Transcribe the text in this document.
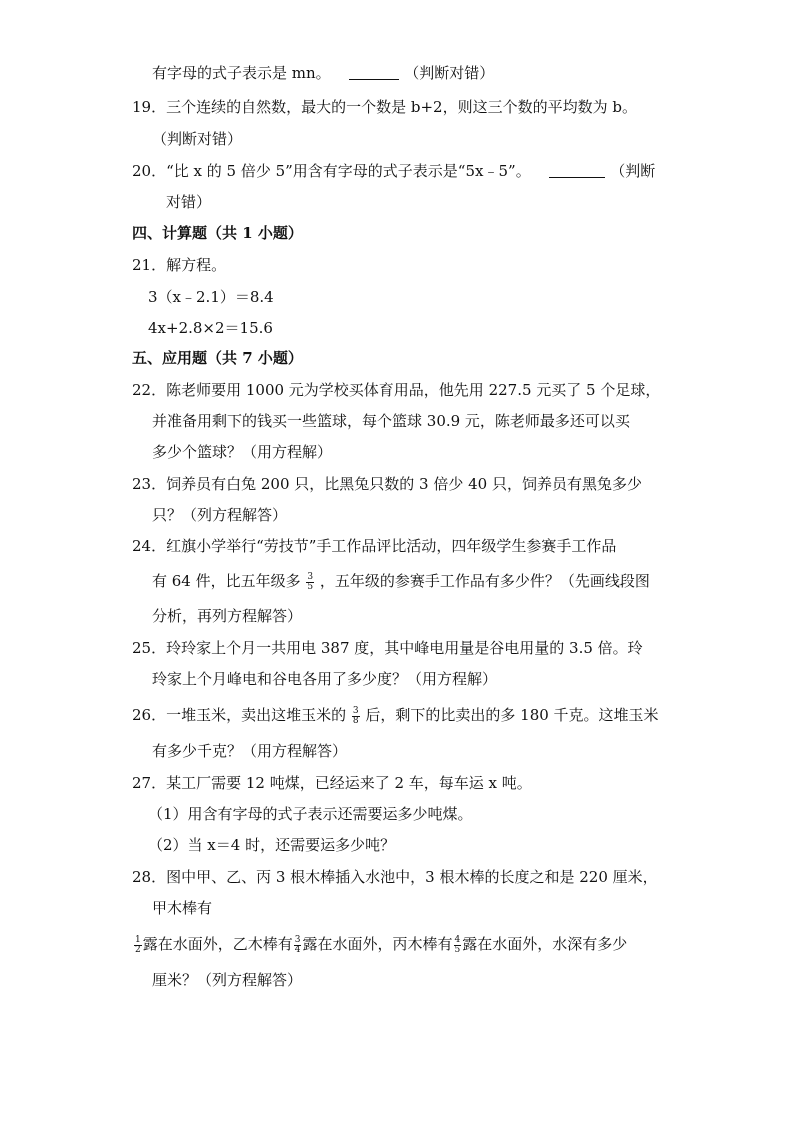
有字母的式子表示是 mn。	（判断对错）
19．三个连续的自然数，最大的一个数是 b+2，则这三个数的平均数为 b。
（判断对错）
20．“比 x 的 5 倍少 5”用含有字母的式子表示是“5x﹣5”。	（判断
对错）
四、计算题（共 1 小题）
21．解方程。
3（x﹣2.1）＝8.4
4x+2.8×2＝15.6
五、应用题（共 7 小题）
22．陈老师要用 1000 元为学校买体育用品，他先用 227.5 元买了 5 个足球，
并准备用剩下的钱买一些篮球，每个篮球 30.9 元，陈老师最多还可以买
多少个篮球？（用方程解）
23．饲养员有白兔 200 只，比黑兔只数的 3 倍少 40 只，饲养员有黑兔多少
只？（列方程解答）
24．红旗小学举行“劳技节”手工作品评比活动，四年级学生参赛手工作品
有 64 件，比五年级多 $\frac{3}{5}$ ，五年级的参赛手工作品有多少件？（先画线段图
分析，再列方程解答）
25．玲玲家上个月一共用电 387 度，其中峰电用量是谷电用量的 3.5 倍。玲
玲家上个月峰电和谷电各用了多少度？（用方程解）
26．一堆玉米，卖出这堆玉米的 $\frac{3}{8}$ 后，剩下的比卖出的多 180 千克。这堆玉米
有多少千克？（用方程解答）
27．某工厂需要 12 吨煤，已经运来了 2 车，每车运 x 吨。
（1）用含有字母的式子表示还需要运多少吨煤。
（2）当 x＝4 时，还需要运多少吨？
28．图中甲、乙、丙 3 根木棒插入水池中，3 根木棒的长度之和是 220 厘米，
甲木棒有
$\frac{1}{2}$ 露在水面外，乙木棒有 $\frac{3}{4}$ 露在水面外，丙木棒有 $\frac{4}{5}$ 露在水面外，水深有多少
厘米？（列方程解答）
